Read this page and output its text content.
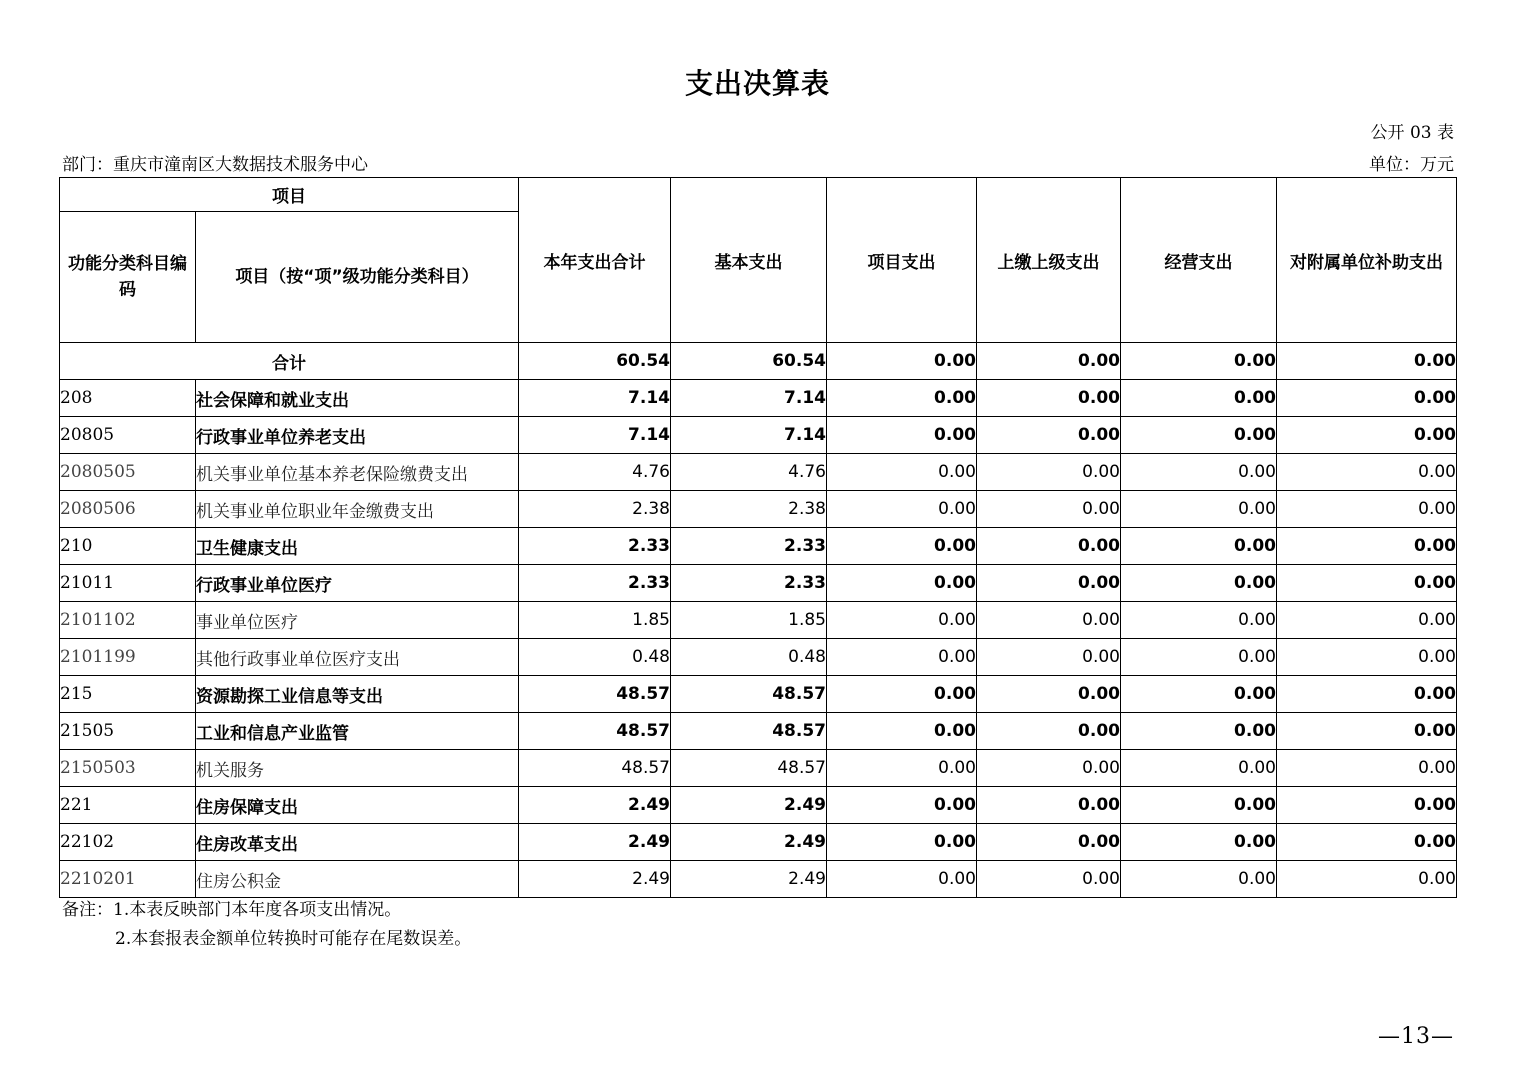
支出决算表
公开 03 表
部门：重庆市潼南区大数据技术服务中心	单位：万元
项目		本年支出合计	基本支出	项目支出	上缴上级支出	经营支出	对附属单位补助支出
功能分类科目编码	项目（按“项”级功能分类科目）						
合计		60.54	60.54	0.00	0.00	0.00	0.00
208	社会保障和就业支出	7.14	7.14	0.00	0.00	0.00	0.00
20805	行政事业单位养老支出	7.14	7.14	0.00	0.00	0.00	0.00
2080505	机关事业单位基本养老保险缴费支出	4.76	4.76	0.00	0.00	0.00	0.00
2080506	机关事业单位职业年金缴费支出	2.38	2.38	0.00	0.00	0.00	0.00
210	卫生健康支出	2.33	2.33	0.00	0.00	0.00	0.00
21011	行政事业单位医疗	2.33	2.33	0.00	0.00	0.00	0.00
2101102	事业单位医疗	1.85	1.85	0.00	0.00	0.00	0.00
2101199	其他行政事业单位医疗支出	0.48	0.48	0.00	0.00	0.00	0.00
215	资源勘探工业信息等支出	48.57	48.57	0.00	0.00	0.00	0.00
21505	工业和信息产业监管	48.57	48.57	0.00	0.00	0.00	0.00
2150503	机关服务	48.57	48.57	0.00	0.00	0.00	0.00
221	住房保障支出	2.49	2.49	0.00	0.00	0.00	0.00
22102	住房改革支出	2.49	2.49	0.00	0.00	0.00	0.00
2210201	住房公积金	2.49	2.49	0.00	0.00	0.00	0.00
备注：1.本表反映部门本年度各项支出情况。
2.本套报表金额单位转换时可能存在尾数误差。
—13—
